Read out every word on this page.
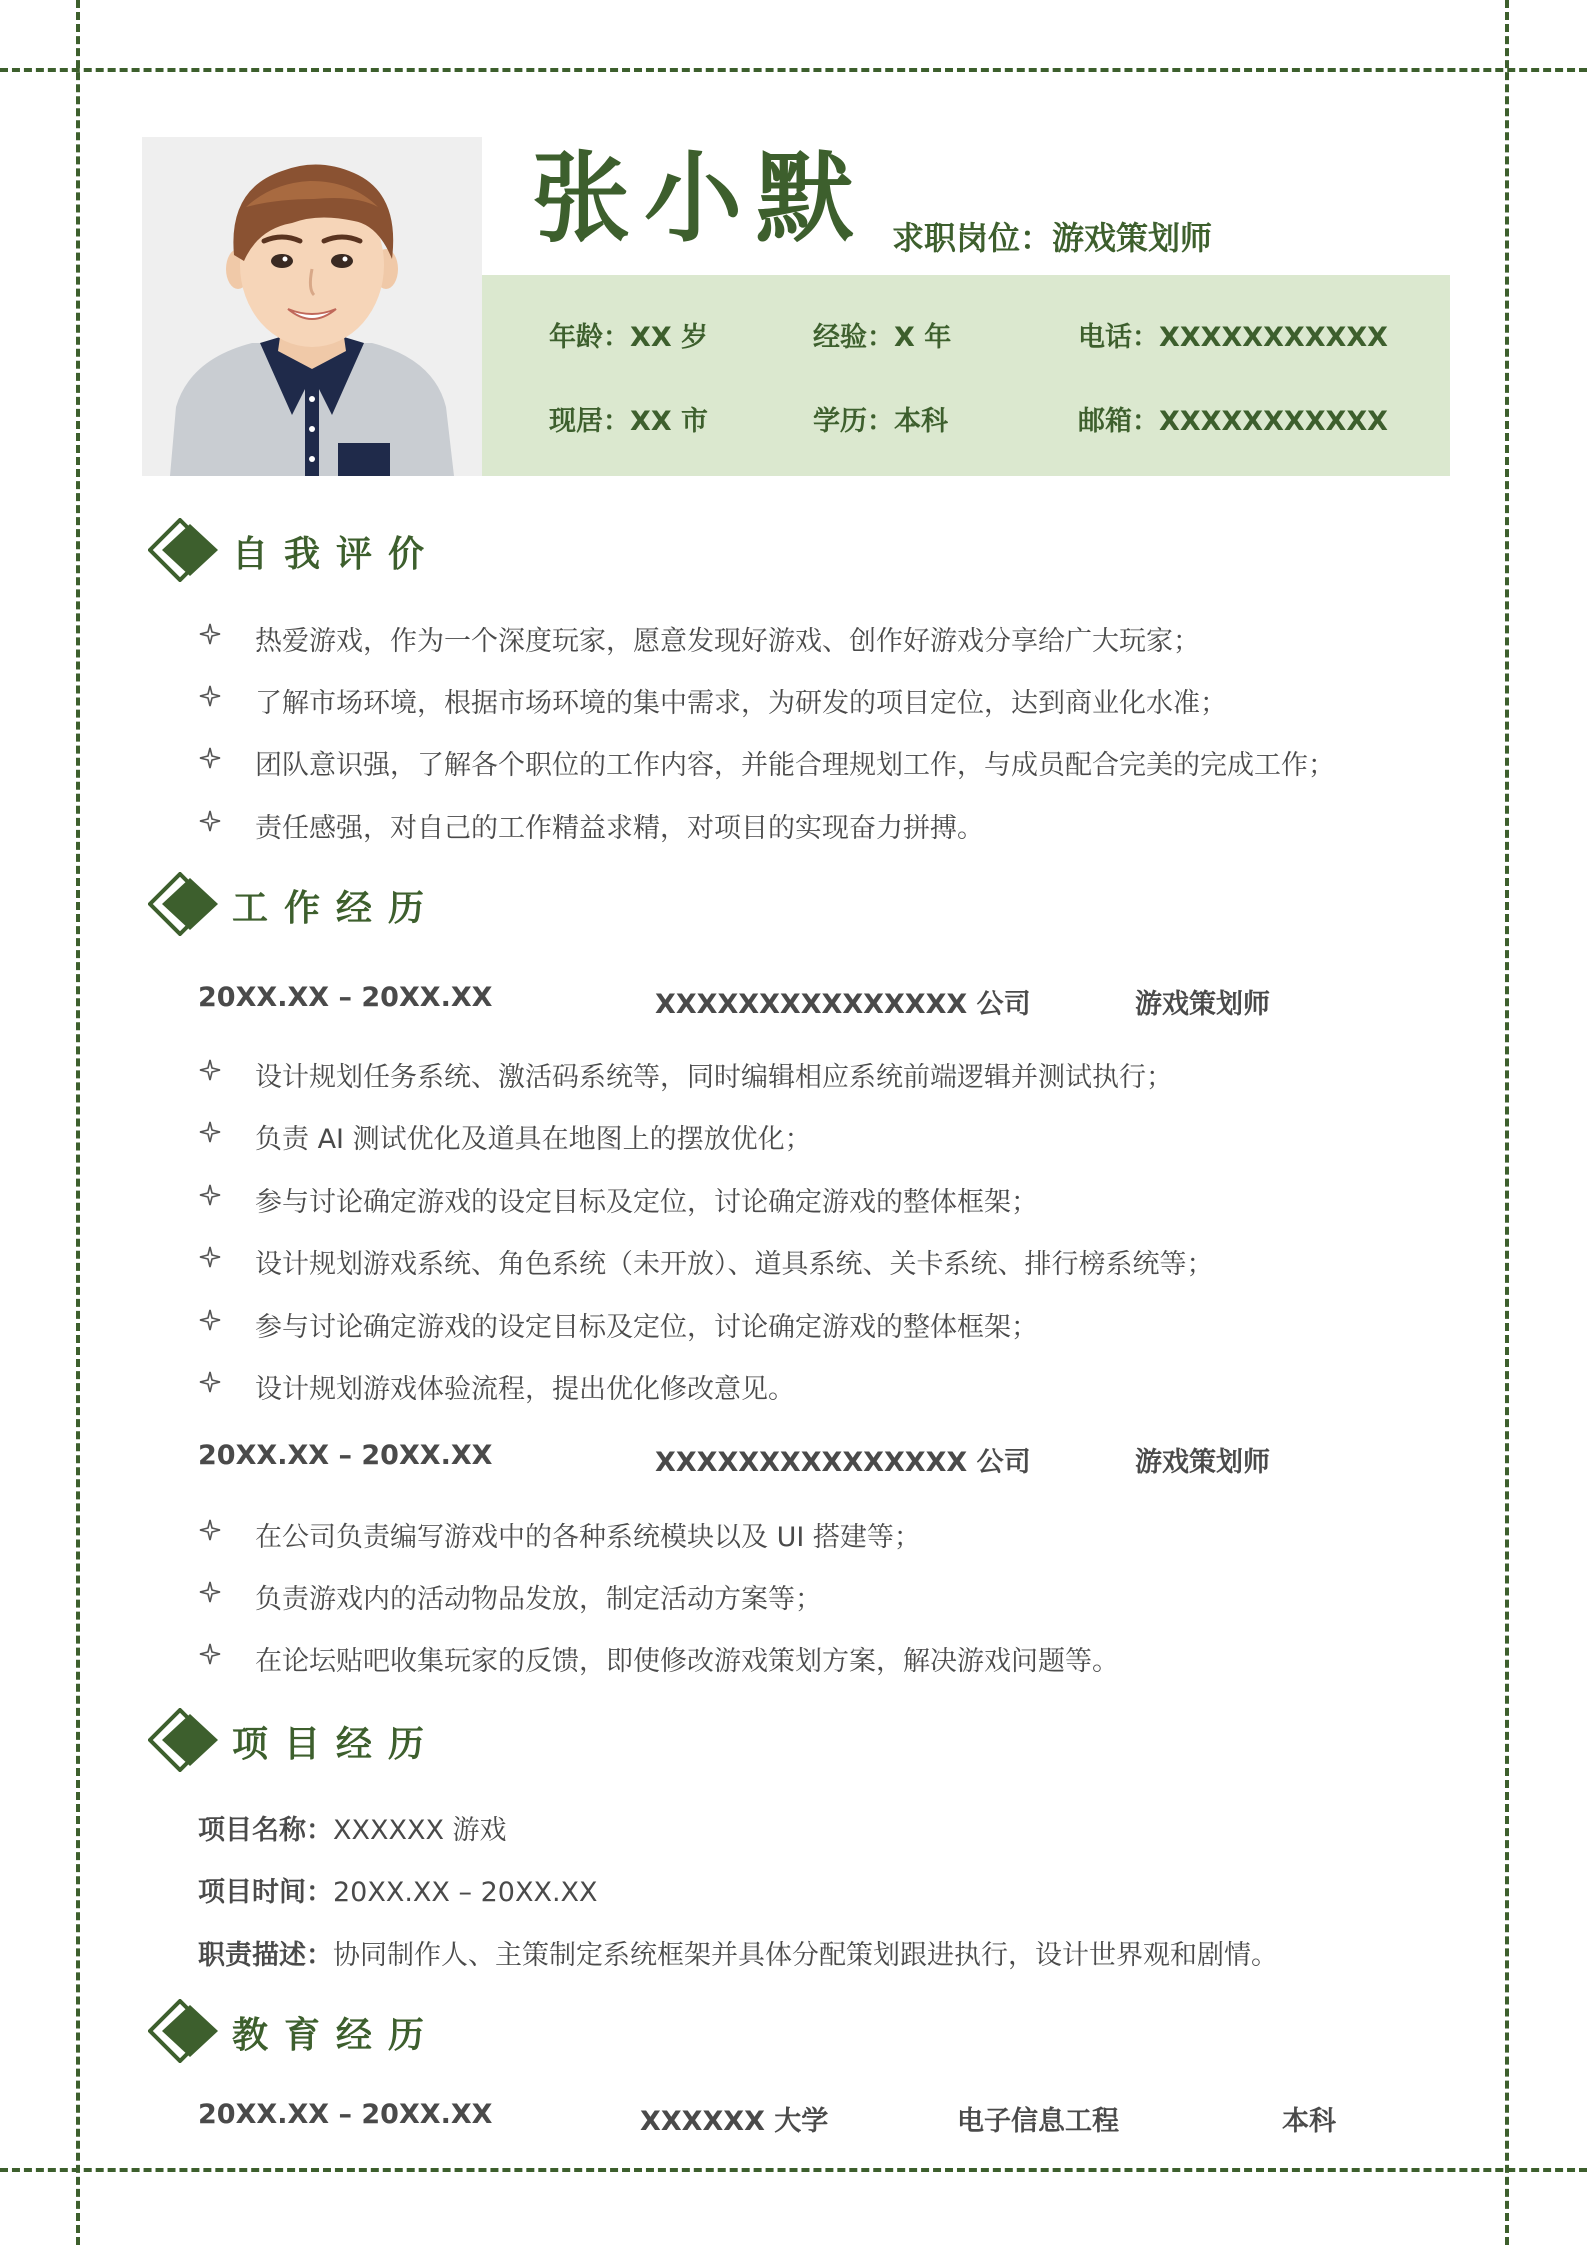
张小默 求职岗位：游戏策划师
年龄：XX 岁	经验：X 年	电话：XXXXXXXXXXX
现居：XX 市	学历：本科	邮箱：XXXXXXXXXXX
自我评价
热爱游戏，作为一个深度玩家，愿意发现好游戏、创作好游戏分享给广大玩家；
了解市场环境，根据市场环境的集中需求，为研发的项目定位，达到商业化水准；
团队意识强，了解各个职位的工作内容，并能合理规划工作，与成员配合完美的完成工作；
责任感强，对自己的工作精益求精，对项目的实现奋力拼搏。
工作经历
20XX.XX – 20XX.XX	XXXXXXXXXXXXXXX 公司	游戏策划师
设计规划任务系统、激活码系统等，同时编辑相应系统前端逻辑并测试执行；
负责 AI 测试优化及道具在地图上的摆放优化；
参与讨论确定游戏的设定目标及定位，讨论确定游戏的整体框架；
设计规划游戏系统、角色系统（未开放）、道具系统、关卡系统、排行榜系统等；
参与讨论确定游戏的设定目标及定位，讨论确定游戏的整体框架；
设计规划游戏体验流程，提出优化修改意见。
20XX.XX – 20XX.XX	XXXXXXXXXXXXXXX 公司	游戏策划师
在公司负责编写游戏中的各种系统模块以及 UI 搭建等；
负责游戏内的活动物品发放，制定活动方案等；
在论坛贴吧收集玩家的反馈，即使修改游戏策划方案，解决游戏问题等。
项目经历
项目名称：XXXXXX 游戏
项目时间：20XX.XX – 20XX.XX
职责描述：协同制作人、主策制定系统框架并具体分配策划跟进执行，设计世界观和剧情。
教育经历
20XX.XX – 20XX.XX	XXXXXX 大学	电子信息工程	本科
